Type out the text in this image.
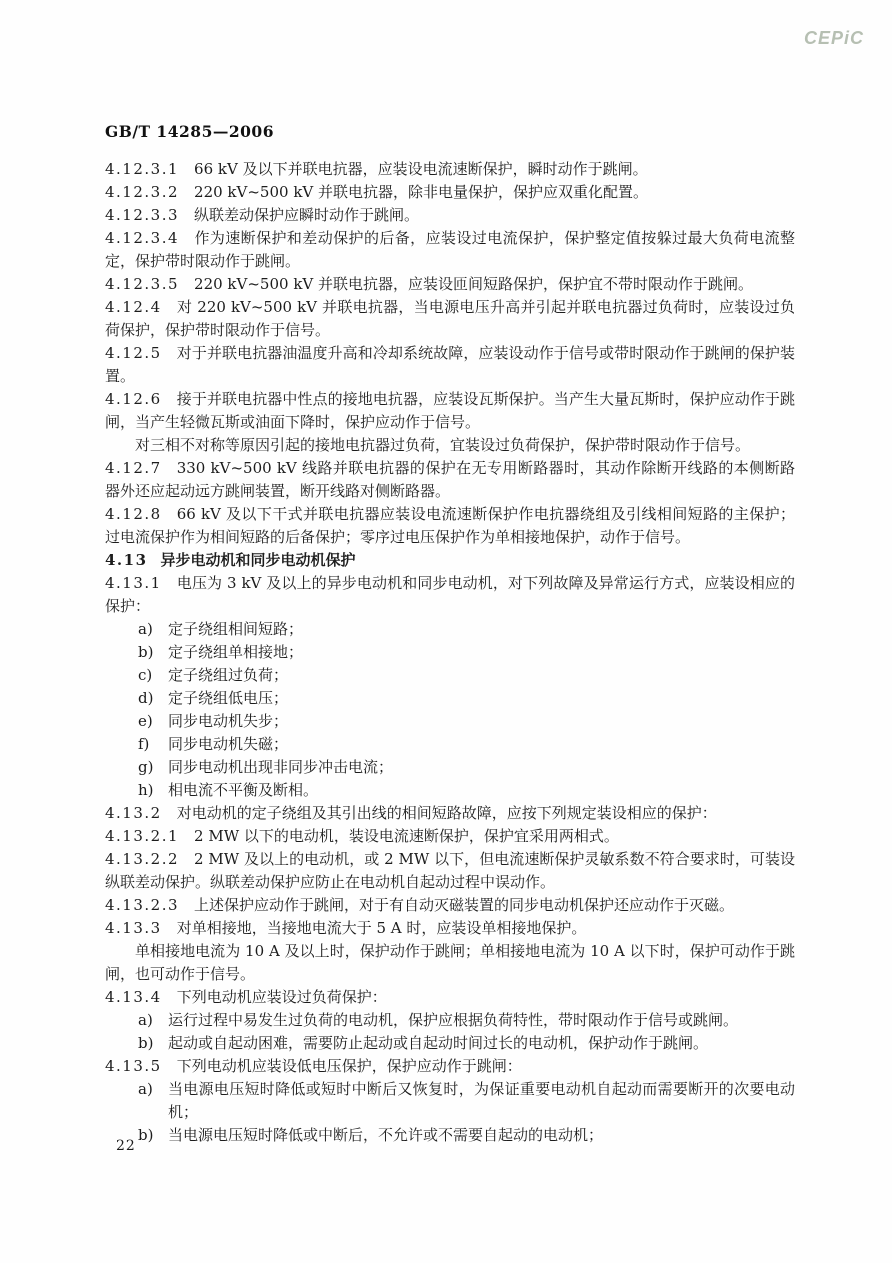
CEPiC
GB/T 14285—2006

4.12.3.1 66 kV 及以下并联电抗器，应装设电流速断保护，瞬时动作于跳闸。

4.12.3.2 220 kV~500 kV 并联电抗器，除非电量保护，保护应双重化配置。

4.12.3.3 纵联差动保护应瞬时动作于跳闸。

4.12.3.4 作为速断保护和差动保护的后备，应装设过电流保护，保护整定值按躲过最大负荷电流整定，保护带时限动作于跳闸。

4.12.3.5 220 kV~500 kV 并联电抗器，应装设匝间短路保护，保护宜不带时限动作于跳闸。

4.12.4 对 220 kV~500 kV 并联电抗器，当电源电压升高并引起并联电抗器过负荷时，应装设过负荷保护，保护带时限动作于信号。

4.12.5 对于并联电抗器油温度升高和冷却系统故障，应装设动作于信号或带时限动作于跳闸的保护装置。

4.12.6 接于并联电抗器中性点的接地电抗器，应装设瓦斯保护。当产生大量瓦斯时，保护应动作于跳闸，当产生轻微瓦斯或油面下降时，保护应动作于信号。

对三相不对称等原因引起的接地电抗器过负荷，宜装设过负荷保护，保护带时限动作于信号。

4.12.7 330 kV~500 kV 线路并联电抗器的保护在无专用断路器时，其动作除断开线路的本侧断路器外还应起动远方跳闸装置，断开线路对侧断路器。

4.12.8 66 kV 及以下干式并联电抗器应装设电流速断保护作电抗器绕组及引线相间短路的主保护；过电流保护作为相间短路的后备保护；零序过电压保护作为单相接地保护，动作于信号。

4.13 异步电动机和同步电动机保护

4.13.1 电压为 3 kV 及以上的异步电动机和同步电动机，对下列故障及异常运行方式，应装设相应的保护：

a)	定子绕组相间短路；
b) 定子绕组单相接地；
c)	定子绕组过负荷；
d) 定子绕组低电压；
e)	同步电动机失步；
f)	同步电动机失磁；
g) 同步电动机出现非同步冲击电流；
h) 相电流不平衡及断相。

4.13.2 对电动机的定子绕组及其引出线的相间短路故障，应按下列规定装设相应的保护：

4.13.2.1 2 MW 以下的电动机，装设电流速断保护，保护宜采用两相式。

4.13.2.2 2 MW 及以上的电动机，或 2 MW 以下，但电流速断保护灵敏系数不符合要求时，可装设纵联差动保护。纵联差动保护应防止在电动机自起动过程中误动作。

4.13.2.3 上述保护应动作于跳闸，对于有自动灭磁装置的同步电动机保护还应动作于灭磁。

4.13.3 对单相接地，当接地电流大于 5 A 时，应装设单相接地保护。

单相接地电流为 10 A 及以上时，保护动作于跳闸；单相接地电流为 10 A 以下时，保护可动作于跳闸，也可动作于信号。

4.13.4 下列电动机应装设过负荷保护：

a)	运行过程中易发生过负荷的电动机，保护应根据负荷特性，带时限动作于信号或跳闸。
b) 起动或自起动困难，需要防止起动或自起动时间过长的电动机，保护动作于跳闸。

4.13.5 下列电动机应装设低电压保护，保护应动作于跳闸：

a)	当电源电压短时降低或短时中断后又恢复时，为保证重要电动机自起动而需要断开的次要电动机；
b) 当电源电压短时降低或中断后，不允许或不需要自起动的电动机；
22
